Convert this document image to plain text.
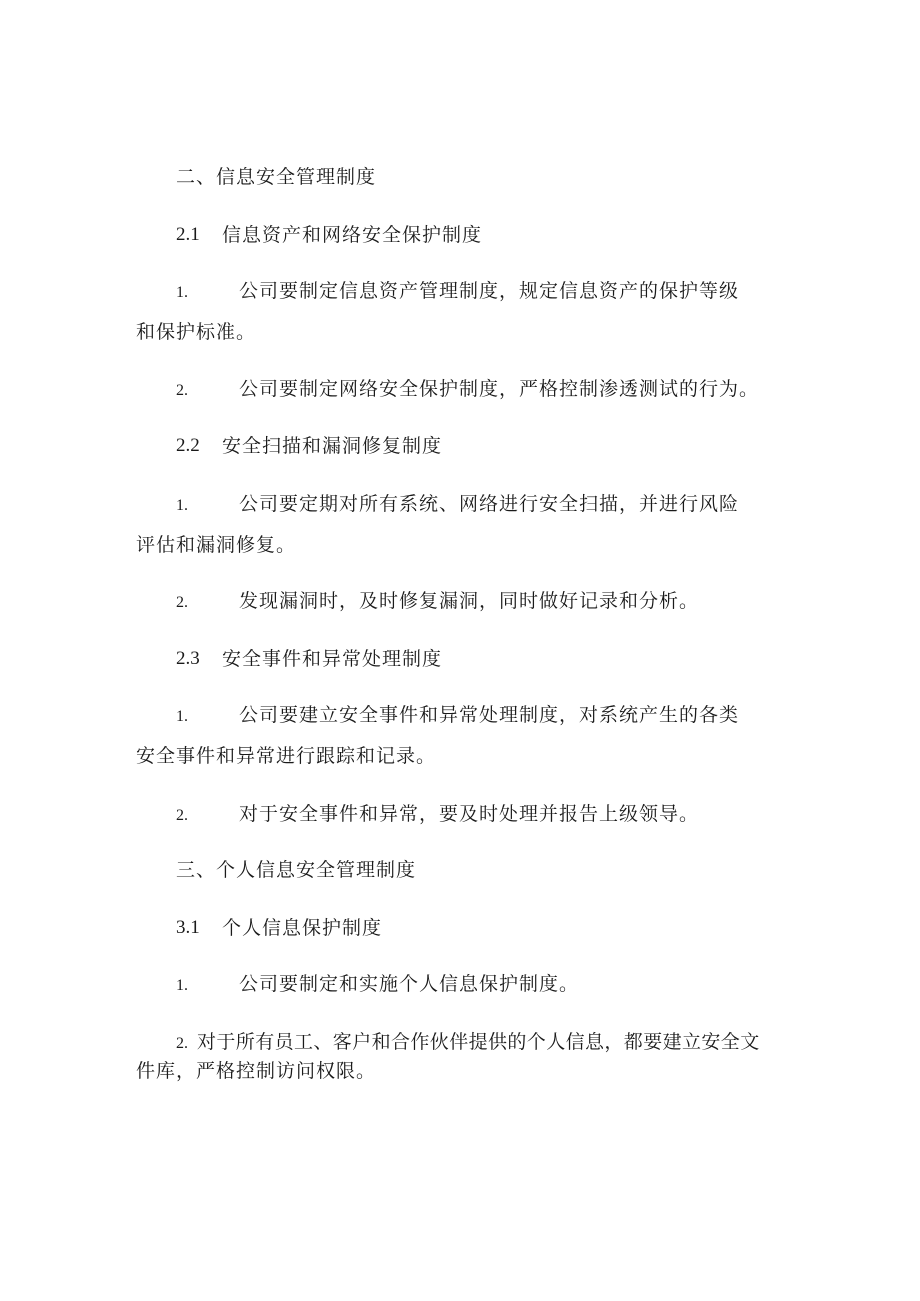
二、信息安全管理制度
2.1 信息资产和网络安全保护制度
1.	公司要制定信息资产管理制度，规定信息资产的保护等级
和保护标准。
2.	公司要制定网络安全保护制度，严格控制渗透测试的行为。
2.2 安全扫描和漏洞修复制度
1.	公司要定期对所有系统、网络进行安全扫描，并进行风险
评估和漏洞修复。
2.	发现漏洞时，及时修复漏洞，同时做好记录和分析。
2.3 安全事件和异常处理制度
1.	公司要建立安全事件和异常处理制度，对系统产生的各类
安全事件和异常进行跟踪和记录。
2.	对于安全事件和异常，要及时处理并报告上级领导。
三、个人信息安全管理制度
3.1 个人信息保护制度
1.	公司要制定和实施个人信息保护制度。
2. 对于所有员工、客户和合作伙伴提供的个人信息，都要建立安全文
件库，严格控制访问权限。
